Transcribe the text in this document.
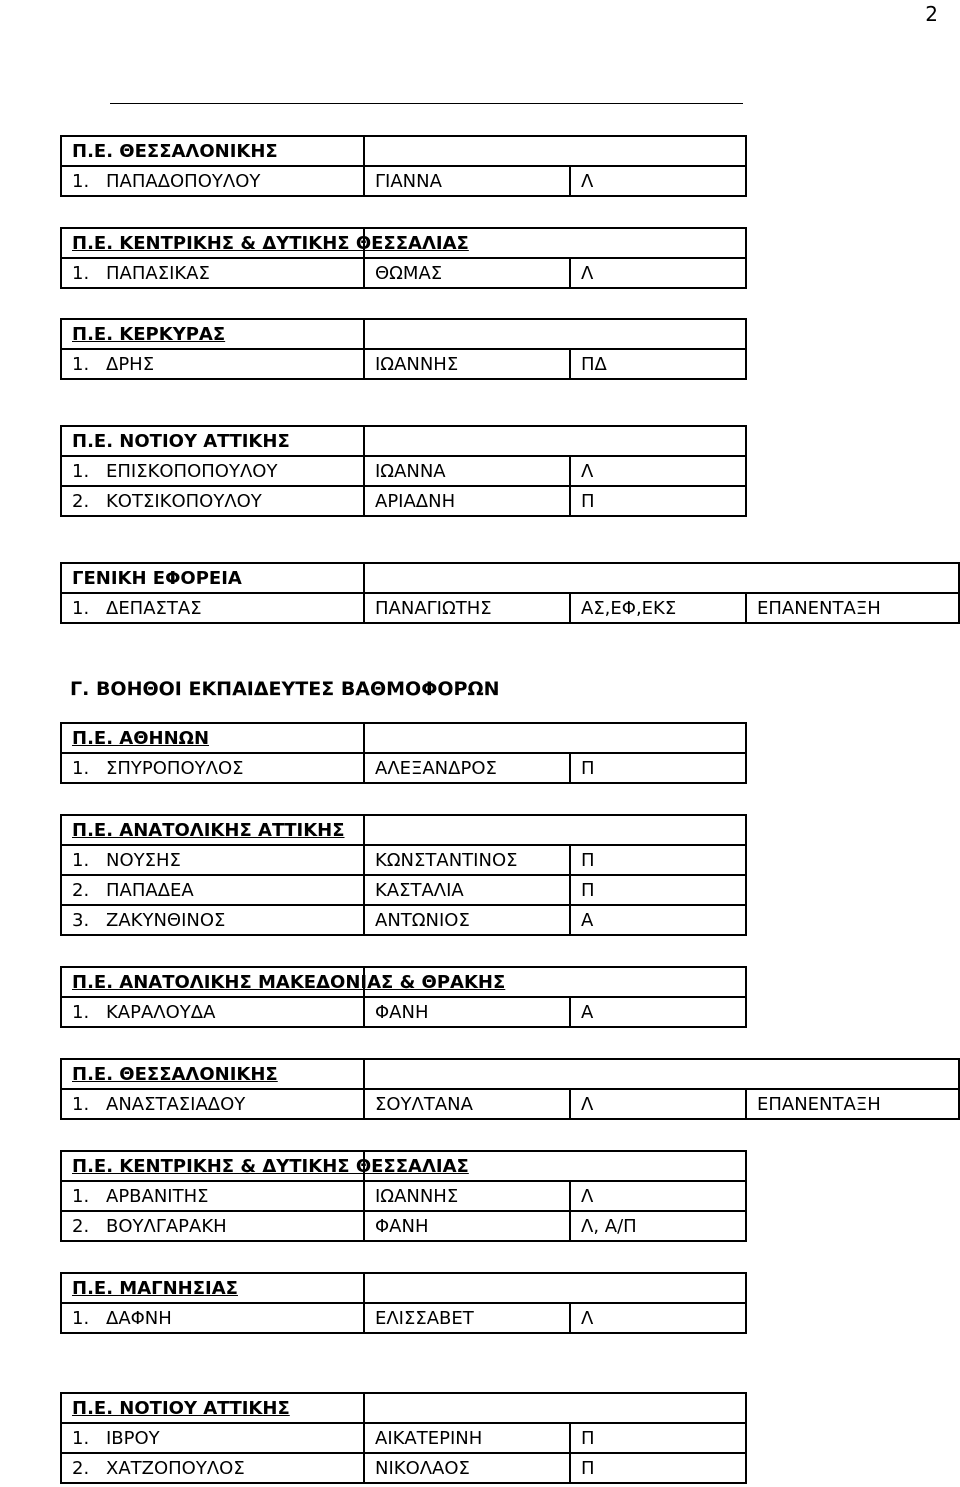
2
Γ. ΒΟΗΘΟΙ ΕΚΠΑΙΔΕΥΤΕΣ ΒΑΘΜΟΦΟΡΩΝ
Π.Ε. ΘΕΣΣΑΛΟΝΙΚΗΣ		
1. ΠΑΠΑΔΟΠΟΥΛΟΥ	ΓΙΑΝΝΑ	Λ
Π.Ε. ΚΕΝΤΡΙΚΗΣ & ΔΥΤΙΚΗΣ ΘΕΣΣΑΛΙΑΣ		
1. ΠΑΠΑΣΙΚΑΣ	ΘΩΜΑΣ	Λ
Π.Ε. ΚΕΡΚΥΡΑΣ		
1. ΔΡΗΣ	ΙΩΑΝΝΗΣ	ΠΔ
Π.Ε. ΝΟΤΙΟΥ ΑΤΤΙΚΗΣ		
1. ΕΠΙΣΚΟΠΟΠΟΥΛΟΥ	ΙΩΑΝΝΑ	Λ
2. ΚΟΤΣΙΚΟΠΟΥΛΟΥ	ΑΡΙΑΔΝΗ	Π
ΓΕΝΙΚΗ ΕΦΟΡΕΙΑ			
1. ΔΕΠΑΣΤΑΣ	ΠΑΝΑΓΙΩΤΗΣ	ΑΣ,ΕΦ,ΕΚΣ	ΕΠΑΝΕΝΤΑΞΗ
Π.Ε. ΑΘΗΝΩΝ		
1. ΣΠΥΡΟΠΟΥΛΟΣ	ΑΛΕΞΑΝΔΡΟΣ	Π
Π.Ε. ΑΝΑΤΟΛΙΚΗΣ ΑΤΤΙΚΗΣ		
1. ΝΟΥΣΗΣ	ΚΩΝΣΤΑΝΤΙΝΟΣ	Π
2. ΠΑΠΑΔΕΑ	ΚΑΣΤΑΛΙΑ	Π
3. ΖΑΚΥΝΘΙΝΟΣ	ΑΝΤΩΝΙΟΣ	Α
Π.Ε. ΑΝΑΤΟΛΙΚΗΣ ΜΑΚΕΔΟΝΙΑΣ & ΘΡΑΚΗΣ		
1. ΚΑΡΑΛΟΥΔΑ	ΦΑΝΗ	Α
Π.Ε. ΘΕΣΣΑΛΟΝΙΚΗΣ			
1. ΑΝΑΣΤΑΣΙΑΔΟΥ	ΣΟΥΛΤΑΝΑ	Λ	ΕΠΑΝΕΝΤΑΞΗ
Π.Ε. ΚΕΝΤΡΙΚΗΣ & ΔΥΤΙΚΗΣ ΘΕΣΣΑΛΙΑΣ		
1. ΑΡΒΑΝΙΤΗΣ	ΙΩΑΝΝΗΣ	Λ
2. ΒΟΥΛΓΑΡΑΚΗ	ΦΑΝΗ	Λ, Α/Π
Π.Ε. ΜΑΓΝΗΣΙΑΣ		
1. ΔΑΦΝΗ	ΕΛΙΣΣΑΒΕΤ	Λ
Π.Ε. ΝΟΤΙΟΥ ΑΤΤΙΚΗΣ		
1. ΙΒΡΟΥ	ΑΙΚΑΤΕΡΙΝΗ	Π
2. ΧΑΤΖΟΠΟΥΛΟΣ	ΝΙΚΟΛΑΟΣ	Π
